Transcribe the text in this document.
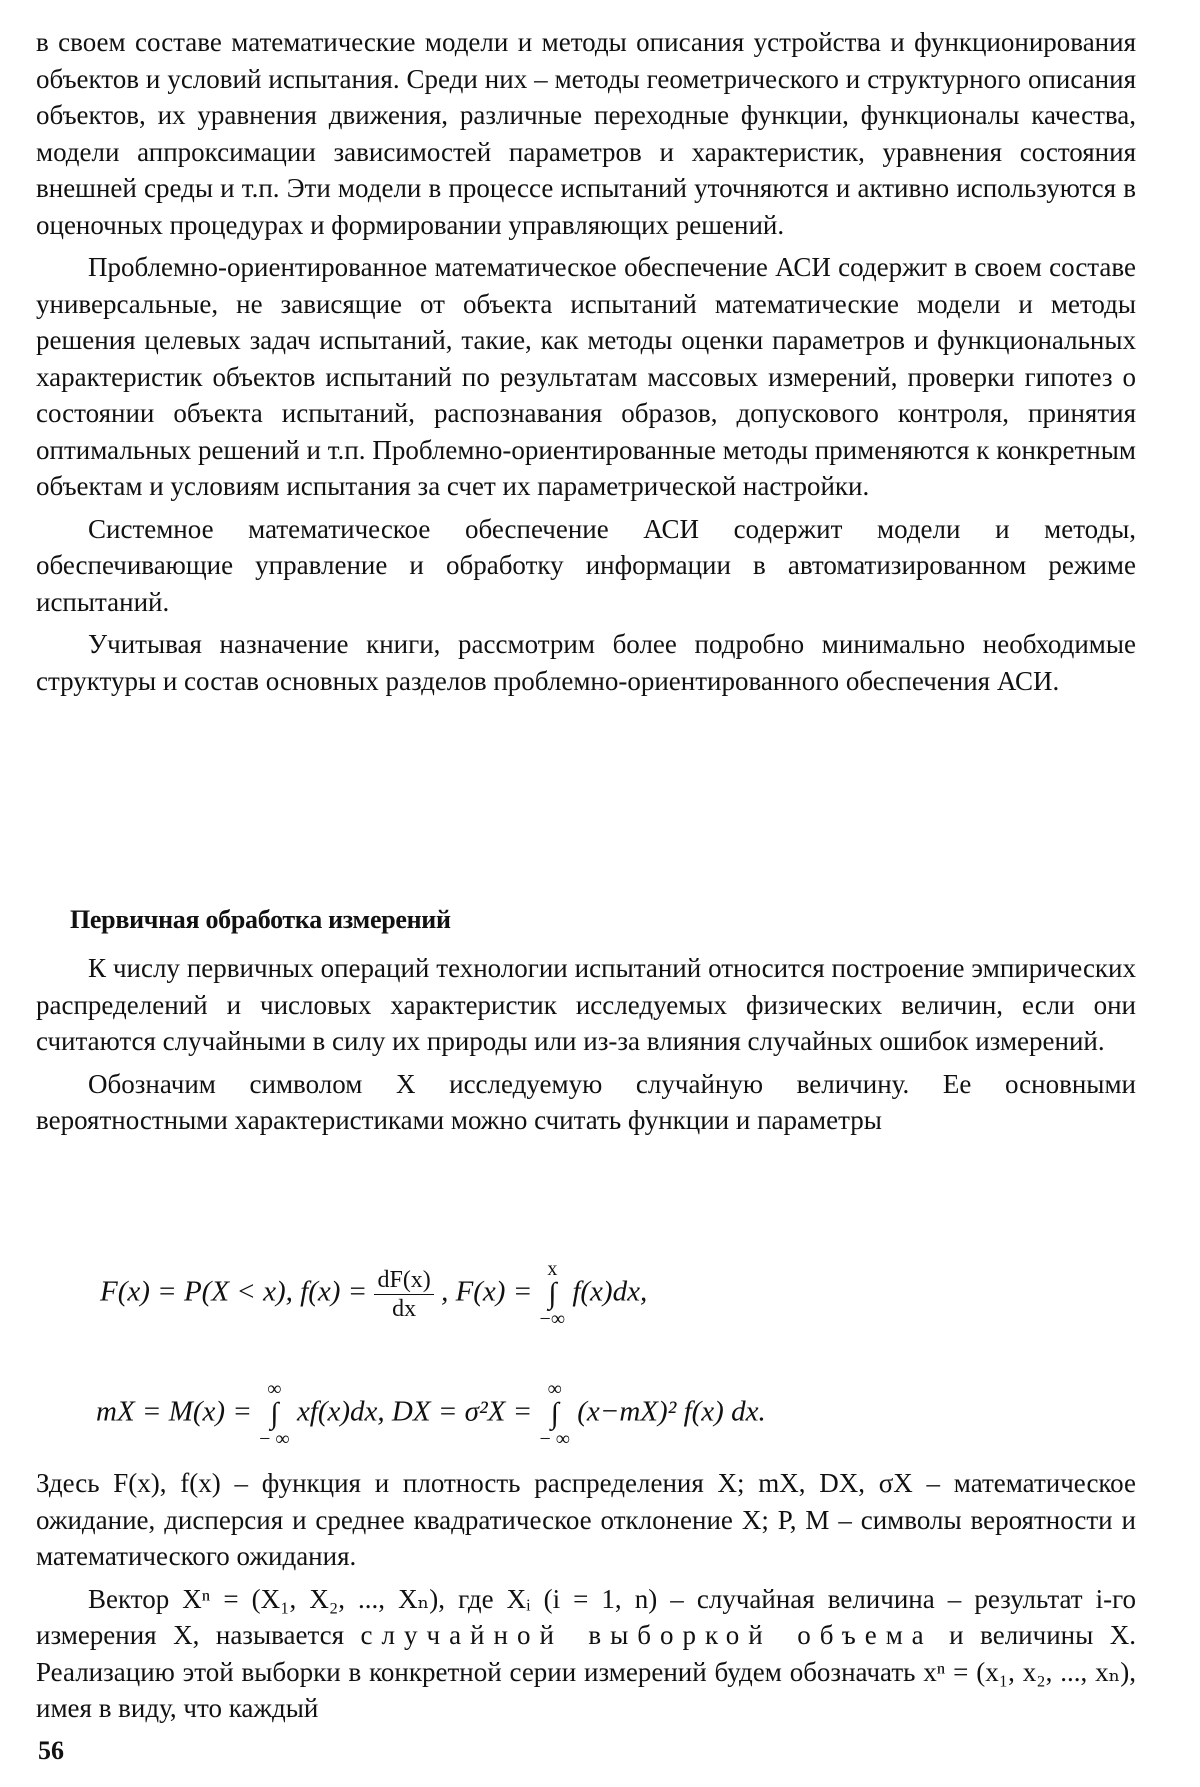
в своем составе математические модели и методы описания устройства и функционирования объектов и условий испытания. Среди них – методы геометрического и структурного описания объектов, их уравнения движения, различные переходные функции, функционалы качества, модели аппроксимации зависимостей параметров и характеристик, уравнения состояния внешней среды и т.п. Эти модели в процессе испытаний уточняются и активно используются в оценочных процедурах и формировании управляющих решений.

Проблемно-ориентированное математическое обеспечение АСИ содержит в своем составе универсальные, не зависящие от объекта испытаний математические модели и методы решения целевых задач испытаний, такие, как методы оценки параметров и функциональных характеристик объектов испытаний по результатам массовых измерений, проверки гипотез о состоянии объекта испытаний, распознавания образов, допускового контроля, принятия оптимальных решений и т.п. Проблемно-ориентированные методы применяются к конкретным объектам и условиям испытания за счет их параметрической настройки.

Системное математическое обеспечение АСИ содержит модели и методы, обеспечивающие управление и обработку информации в автоматизированном режиме испытаний.

Учитывая назначение книги, рассмотрим более подробно минимально необходимые структуры и состав основных разделов проблемно-ориентированного обеспечения АСИ.

Первичная обработка измерений

К числу первичных операций технологии испытаний относится построение эмпирических распределений и числовых характеристик исследуемых физических величин, если они считаются случайными в силу их природы или из-за влияния случайных ошибок измерений.

Обозначим символом X исследуемую случайную величину. Ее основными вероятностными характеристиками можно считать функции и параметры

F(x) = P(X < x), $f(x) = \frac{dF(x)}{dx}$ , F(x) =
x
∫
−∞
f(x)dx,
mX = M(x) =
∞
∫
− ∞
xf(x)dx, DX = σ²X =
∞
∫
− ∞
(x−mX)² f(x) dx.

Здесь F(x), f(x) – функция и плотность распределения X; mX, DX, σX – математическое ожидание, дисперсия и среднее квадратическое отклонение X; P, M – символы вероятности и математического ожидания.

Вектор Xⁿ = (X₁, X₂, ..., Xₙ), где Xᵢ (i = 1, n) – случайная величина – результат i-го измерения X, называется случайной выборкой объема и величины X. Реализацию этой выборки в конкретной серии измерений будем обозначать xⁿ = (x₁, x₂, ..., xₙ), имея в виду, что каждый

56
